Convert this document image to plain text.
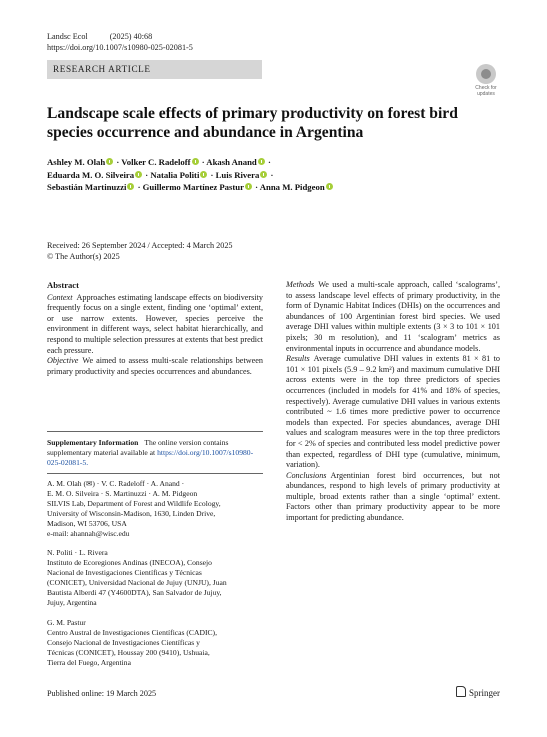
Landsc Ecol	(2025) 40:68
https://doi.org/10.1007/s10980-025-02081-5
RESEARCH ARTICLE
Check for
updates
Landscape scale effects of primary productivity on forest bird species occurrence and abundance in Argentina
Ashley M. Olah · Volker C. Radeloff · Akash Anand ·
Eduarda M. O. Silveira · Natalia Politi · Luis Rivera ·
Sebastián Martinuzzi · Guillermo Martínez Pastur · Anna M. Pidgeon
Received: 26 September 2024 / Accepted: 4 March 2025
© The Author(s) 2025
Abstract

Context Approaches estimating landscape effects on biodiversity frequently focus on a single extent, finding one ‘optimal’ extent, or use narrow extents. However, species perceive the environment in different ways, select habitat hierarchically, and respond to multiple selection pressures at extents that best predict each pressure.

Objective We aimed to assess multi-scale relationships between primary productivity and species occurrences and abundances.

Supplementary Information The online version contains supplementary material available at https://doi.org/10.1007/s10980-025-02081-5.
A. M. Olah (✉) · V. C. Radeloff · A. Anand ·
E. M. O. Silveira · S. Martinuzzi · A. M. Pidgeon
SILVIS Lab, Department of Forest and Wildlife Ecology,
University of Wisconsin-Madison, 1630, Linden Drive,
Madison, WI 53706, USA
e-mail: ahannah@wisc.edu
N. Politi · L. Rivera
Instituto de Ecoregiones Andinas (INECOA), Consejo
Nacional de Investigaciones Científicas y Técnicas
(CONICET), Universidad Nacional de Jujuy (UNJU), Juan
Bautista Alberdi 47 (Y4600DTA), San Salvador de Jujuy,
Jujuy, Argentina
G. M. Pastur
Centro Austral de Investigaciones Científicas (CADIC),
Consejo Nacional de Investigaciones Científicas y
Técnicas (CONICET), Houssay 200 (9410), Ushuaia,
Tierra del Fuego, Argentina

Methods We used a multi-scale approach, called ‘scalograms’, to assess landscape level effects of primary productivity, in the form of Dynamic Habitat Indices (DHIs) on the occurrences and abundances of 100 Argentinian forest bird species. We used average DHI values within multiple extents (3 × 3 to 101 × 101 pixels; 30 m resolution), and 11 ‘scalogram’ metrics as environmental inputs in occurrence and abundance models.

Results Average cumulative DHI values in extents 81 × 81 to 101 × 101 pixels (5.9 – 9.2 km²) and maximum cumulative DHI across extents were in the top three predictors of species occurrences (included in models for 41% and 18% of species, respectively). Average cumulative DHI values in various extents contributed ~ 1.6 times more predictive power to occurrence models than expected. For species abundances, average DHI values and scalogram measures were in the top three predictors for < 2% of species and contributed less model predictive power than expected, regardless of DHI type (cumulative, minimum, variation).

Conclusions Argentinian forest bird occurrences, but not abundances, respond to high levels of primary productivity at multiple, broad extents rather than a single ‘optimal’ extent. Factors other than primary productivity appear to be more important for predicting abundance.

Published online: 19 March 2025	Springer
